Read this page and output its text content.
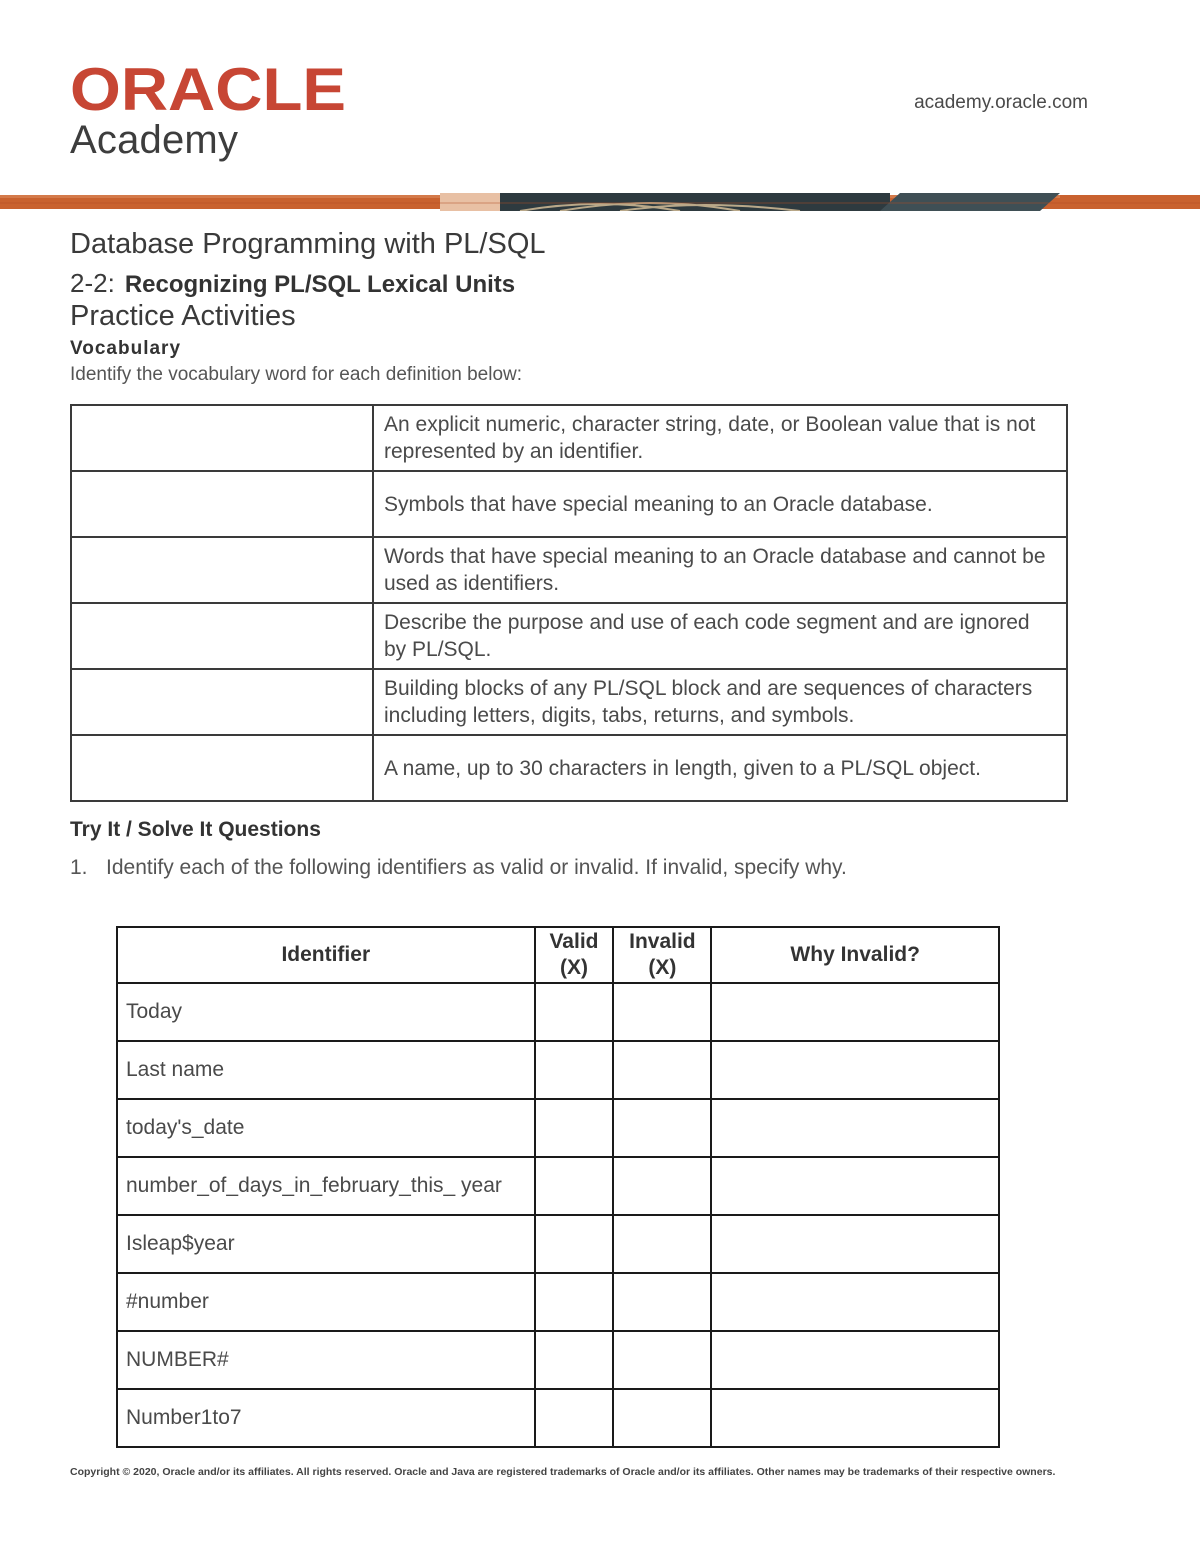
ORACLE
Academy
academy.oracle.com
Database Programming with PL/SQL
2-2: Recognizing PL/SQL Lexical Units
Practice Activities
Vocabulary
Identify the vocabulary word for each definition below:
	An explicit numeric, character string, date, or Boolean value that is not represented by an identifier.
	Symbols that have special meaning to an Oracle database.
	Words that have special meaning to an Oracle database and cannot be used as identifiers.
	Describe the purpose and use of each code segment and are ignored by PL/SQL.
	Building blocks of any PL/SQL block and are sequences of characters including letters, digits, tabs, returns, and symbols.
	A name, up to 30 characters in length, given to a PL/SQL object.
Try It / Solve It Questions
1. Identify each of the following identifiers as valid or invalid. If invalid, specify why.
Identifier	Valid (X)	Invalid (X)	Why Invalid?
Today			
Last name			
today's_date			
number_of_days_in_february_this_ year			
Isleap$year			
#number			
NUMBER#			
Number1to7			
Copyright © 2020, Oracle and/or its affiliates. All rights reserved. Oracle and Java are registered trademarks of Oracle and/or its affiliates. Other names may be trademarks of their respective owners.
